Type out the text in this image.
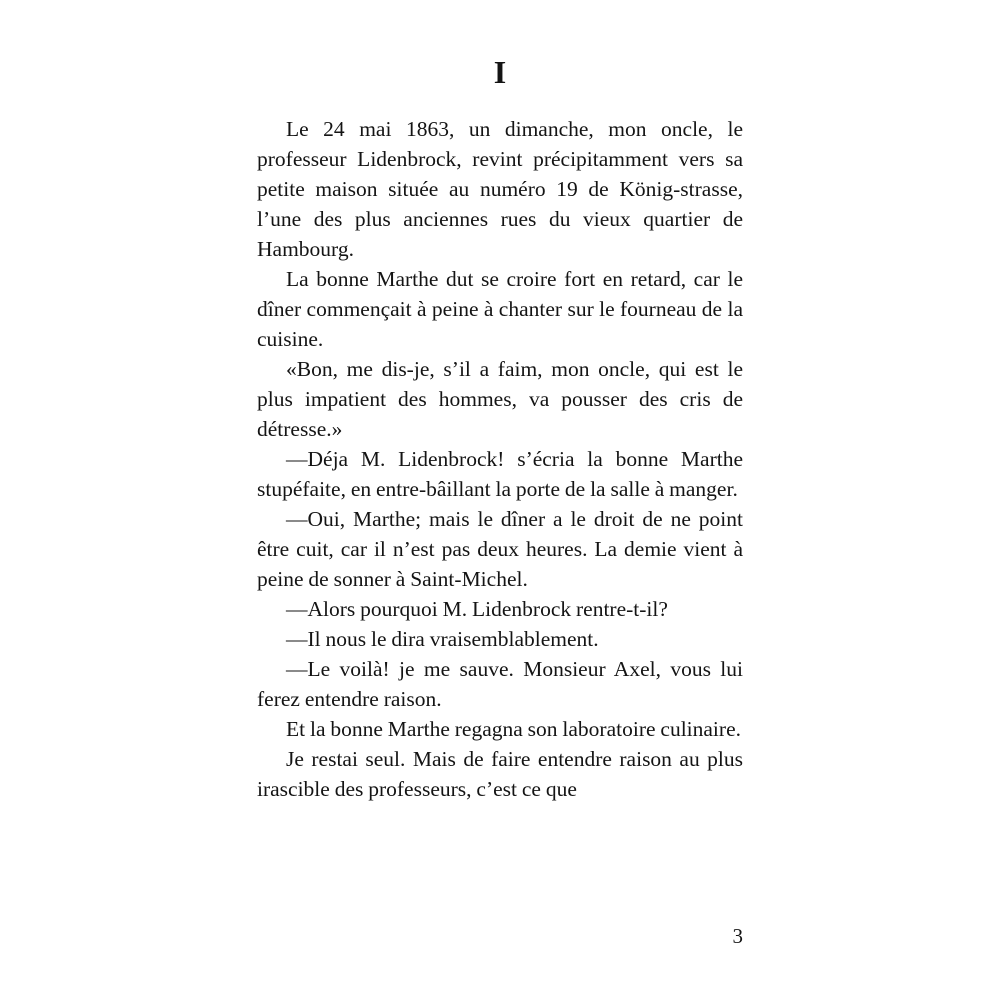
I

Le 24 mai 1863, un dimanche, mon oncle, le professeur Lidenbrock, revint précipitamment vers sa petite maison située au numéro 19 de König-strasse, l’une des plus anciennes rues du vieux quartier de Hambourg.

La bonne Marthe dut se croire fort en retard, car le dîner commençait à peine à chanter sur le fourneau de la cuisine.

«Bon, me dis-je, s’il a faim, mon oncle, qui est le plus impatient des hommes, va pousser des cris de détresse.»

—Déja M. Lidenbrock! s’écria la bonne Marthe stupéfaite, en entre-bâillant la porte de la salle à manger.

—Oui, Marthe; mais le dîner a le droit de ne point être cuit, car il n’est pas deux heures. La demie vient à peine de sonner à Saint-Michel.

—Alors pourquoi M. Lidenbrock rentre-t-il?

—Il nous le dira vraisemblablement.

—Le voilà! je me sauve. Monsieur Axel, vous lui ferez entendre raison.

Et la bonne Marthe regagna son laboratoire culinaire.

Je restai seul. Mais de faire entendre raison au plus irascible des professeurs, c’est ce que

3
